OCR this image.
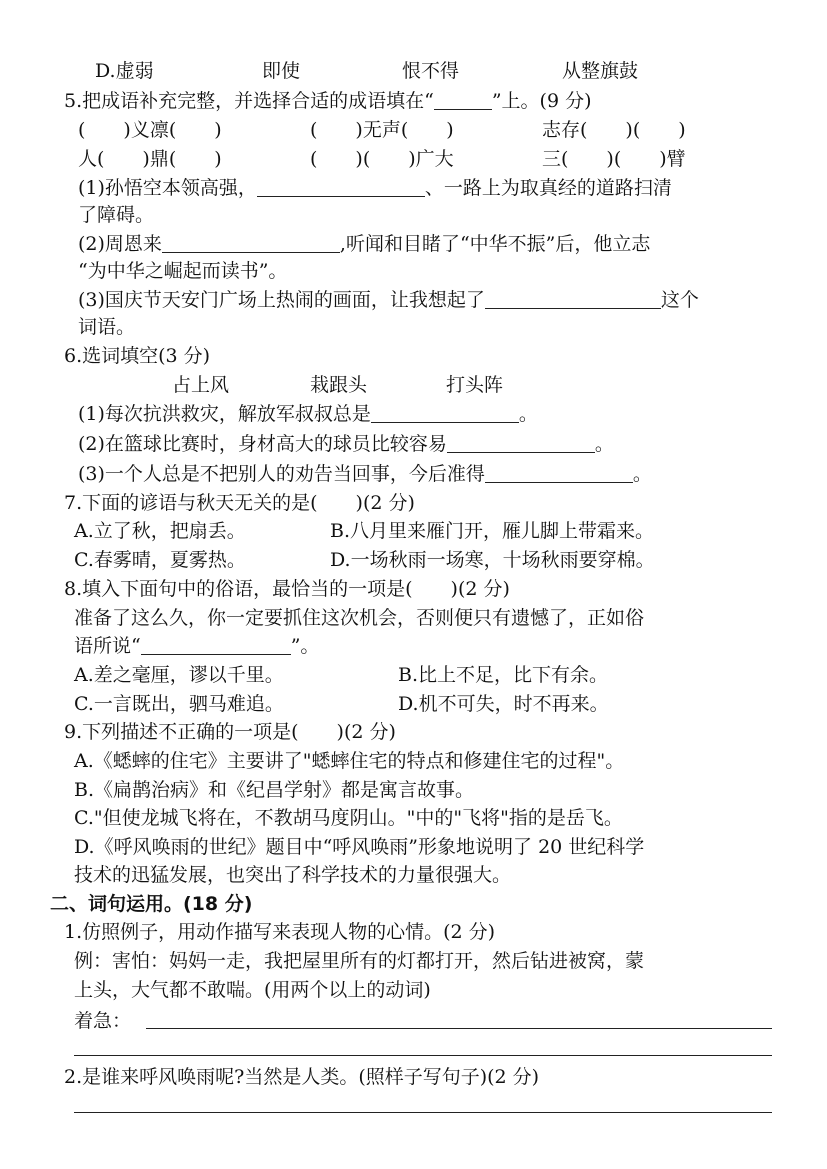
D.虚弱	即使	恨不得	从整旗鼓
5.把成语补充完整，并选择合适的成语填在“	”上。(9 分)
(　　)义凛(　　)	(　　)无声(　　)	志存(　　)(　　)
人(　　)鼎(　　)	(　　)(　　)广大	三(　　)(　　)臂
(1)孙悟空本领高强，	、一路上为取真经的道路扫清
了障碍。
(2)周恩来	,听闻和目睹了“中华不振”后，他立志
“为中华之崛起而读书”。
(3)国庆节天安门广场上热闹的画面，让我想起了	这个
词语。
6.选词填空(3 分)
占上风	栽跟头	打头阵
(1)每次抗洪救灾，解放军叔叔总是	。
(2)在篮球比赛时，身材高大的球员比较容易	。
(3)一个人总是不把别人的劝告当回事，今后准得	。
7.下面的谚语与秋天无关的是(　　)(2 分)
A.立了秋，把扇丢。	B.八月里来雁门开，雁儿脚上带霜来。
C.春雾晴，夏雾热。	D.一场秋雨一场寒，十场秋雨要穿棉。
8.填入下面句中的俗语，最恰当的一项是(　　)(2 分)
准备了这么久，你一定要抓住这次机会，否则便只有遗憾了，正如俗
语所说“	”。
A.差之毫厘，谬以千里。	B.比上不足，比下有余。
C.一言既出，驷马难追。	D.机不可失，时不再来。
9.下列描述不正确的一项是(　　)(2 分)
A.《蟋蟀的住宅》主要讲了"蟋蟀住宅的特点和修建住宅的过程"。
B.《扁鹊治病》和《纪昌学射》都是寓言故事。
C."但使龙城飞将在，不教胡马度阴山。"中的"飞将"指的是岳飞。
D.《呼风唤雨的世纪》题目中“呼风唤雨”形象地说明了 20 世纪科学
技术的迅猛发展，也突出了科学技术的力量很强大。
二、词句运用。(18 分)
1.仿照例子，用动作描写来表现人物的心情。(2 分)
例：害怕：妈妈一走，我把屋里所有的灯都打开，然后钻进被窝，蒙
上头，大气都不敢喘。(用两个以上的动词)
着急：
2.是谁来呼风唤雨呢?当然是人类。(照样子写句子)(2 分)
